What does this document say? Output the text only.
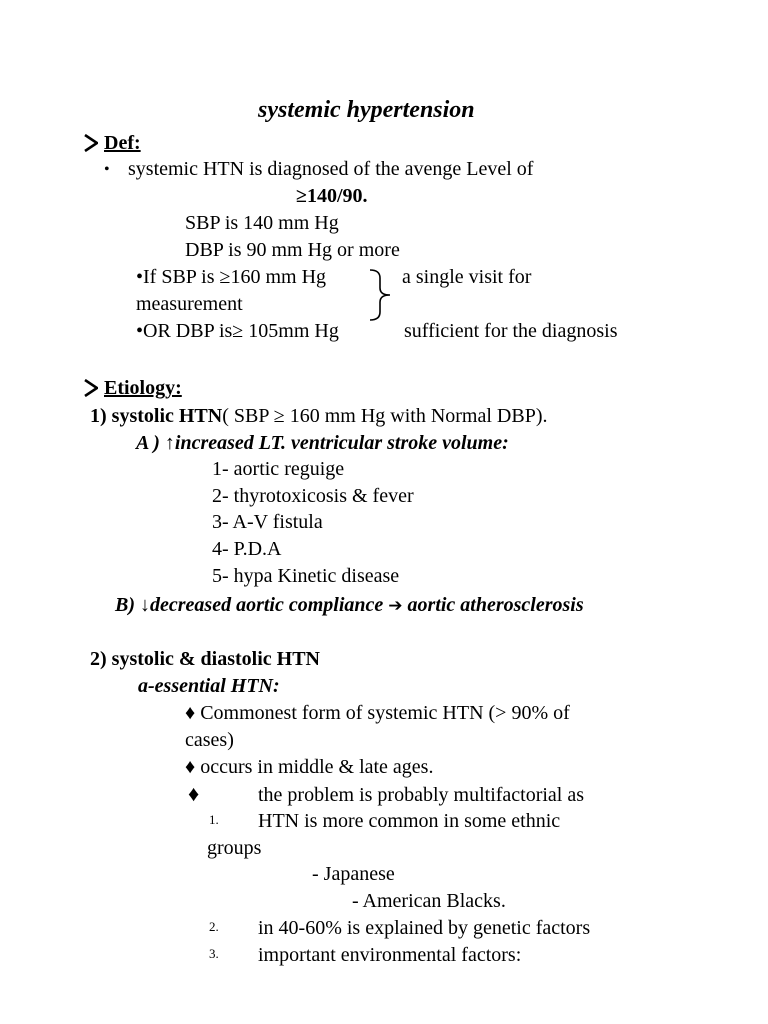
systemic hypertension
Def:
• systemic HTN is diagnosed of the avenge Level of
≥140/90.
SBP is 140 mm Hg
DBP is 90 mm Hg or more
•If SBP is ≥160 mm Hg	a single visit for
measurement
•OR DBP is≥ 105mm Hg	sufficient for the diagnosis
Etiology:
1) systolic HTN( SBP ≥ 160 mm Hg with Normal DBP).
A ) ↑increased LT. ventricular stroke volume:
1- aortic reguige
2- thyrotoxicosis & fever
3- A-V fistula
4- P.D.A
5- hypa Kinetic disease
B) ↓decreased aortic compliance ➔ aortic atherosclerosis
2) systolic & diastolic HTN
a-essential HTN:
♦ Commonest form of systemic HTN (> 90% of
cases)
♦ occurs in middle & late ages.
♦	the problem is probably multifactorial as
1. HTN is more common in some ethnic
groups
- Japanese
- American Blacks.
2. in 40-60% is explained by genetic factors
3. important environmental factors:
